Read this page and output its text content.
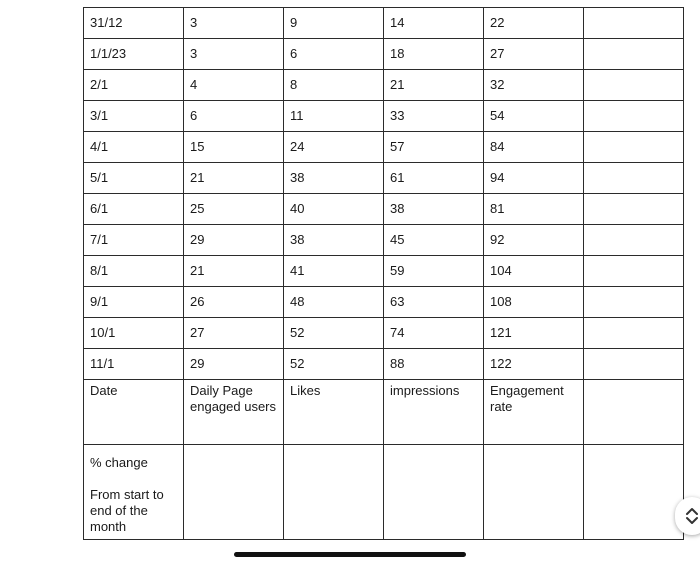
31/12	3	9	14	22	
1/1/23	3	6	18	27	
2/1	4	8	21	32	
3/1	6	11	33	54	
4/1	15	24	57	84	
5/1	21	38	61	94	
6/1	25	40	38	81	
7/1	29	38	45	92	
8/1	21	41	59	104	
9/1	26	48	63	108	
10/1	27	52	74	121	
11/1	29	52	88	122	
Date	Daily Page engaged users	Likes	impressions	Engagement rate	

% change
From start to end of the month					
